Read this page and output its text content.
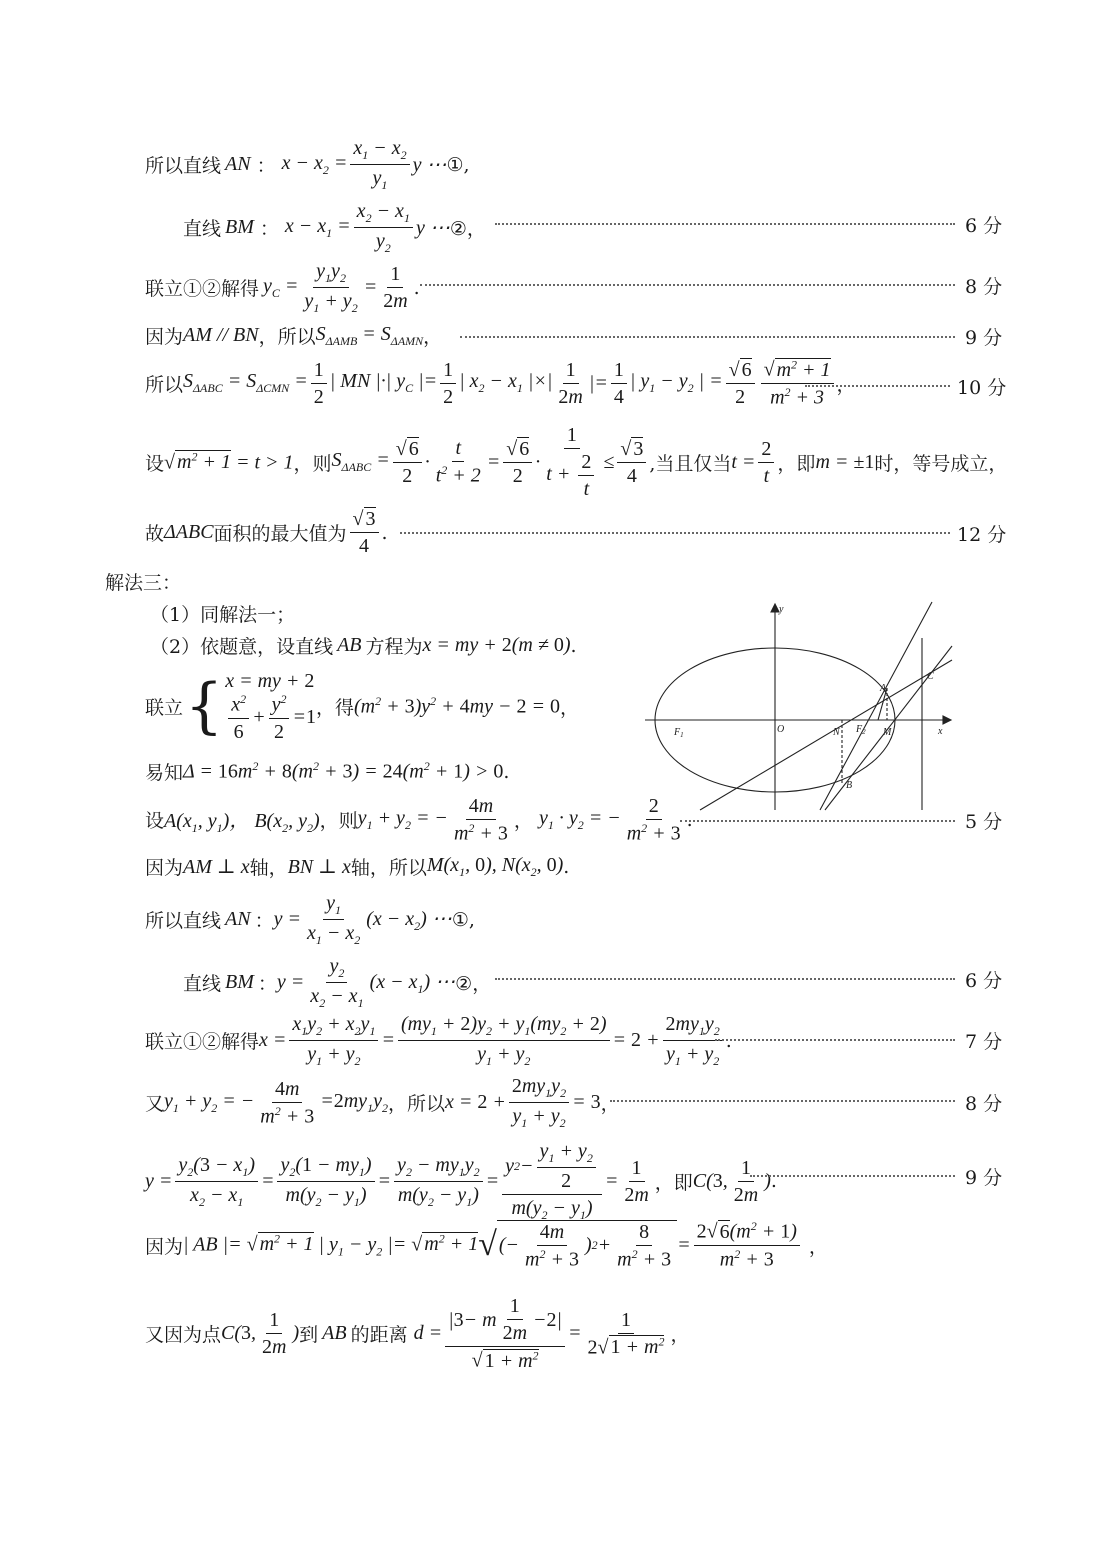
所以直线 AN ： $x - x_2 = \frac{x_1 - x_2}{y_1}$ y ⋯ ①,
直线 BM ： $x - x_1 = \frac{x_2 - x_1}{y_2}$ y ⋯ ②，	6 分
联立①②解得 $y_C = \frac{y_1y_2}{y_1 + y_2} = \frac{1}{2m}$ .	8 分
因为 AM // BN ，所以 $S_{\Delta AMB} = S_{\Delta AMN}$ ，	9 分
所以 $S_{\Delta ABC} = S_{\Delta CMN} = \frac{1}{2}$ | MN |·| $y_C$ |= $\frac{1}{2}$ | $x_2 - x_1$ |×| $\frac{1}{2m}$ |= $\frac{1}{4}$ | $y_1 - y_2$ | = $\frac{√ 6}{2} \frac{√ m^2 + 1}{m^2 + 3}$ ，	10 分
设 √ $m^2 + 1 = t > 1$ ，则 $S_{\Delta ABC} = \frac{√ 6}{2} \cdot \frac{t}{t^2 + 2} = \frac{√ 6}{2} \cdot \frac{1}{t + \frac{2}{t}} \le \frac{√ 3}{4}$ ,当且仅当 $t = \frac{2}{t}$ ，即 m = ±1 时，等号成立，
故 ΔABC 面积的最大值为 $\frac{√ 3}{4}$ .	12 分
解法三：
（1）同解法一；
（2）依题意，设直线 AB 方程为 x = my + 2(m ≠ 0) .
联立 { x = my + 2
$\frac{x^2}{6} + \frac{y^2}{2} = 1$ ，得 $(m^2 + 3)y^2 + 4my - 2 = 0$ ，
易知 $\Delta = 16m^2 + 8(m^2 + 3) = 24(m^2 + 1) > 0$ .
设 $A(x_1$, $y_1$)， $B(x_2$, $y_2$) ，则 $y_1 + y_2$ = − $\frac{4m}{m^2 + 3}$ ， $y_1 \cdot y_2$ = − $\frac{2}{m^2 + 3}$ .	5 分
因为 AM ⊥ x 轴， BN ⊥ x 轴，所以 $M(x_1$, 0), $N(x_2$, 0) .
所以直线 AN ： $y = \frac{y_1}{x_1 - x_2} (x - x_2)$ ⋯ ①,
直线 BM ： $y = \frac{y_2}{x_2 - x_1} (x - x_1)$ ⋯ ②，	6 分
联立①②解得 $x = \frac{x_1y_2 + x_2y_1}{y_1 + y_2} = \frac{(my_1 + 2)y_2 + y_1(my_2 + 2)}{y_1 + y_2} = 2 + \frac{2my_1y_2}{y_1 + y_2}$ .	7 分
又 $y_1 + y_2$ = − $\frac{4m}{m^2 + 3} =2my_1y_2$ ，所以 $x = 2 + \frac{2my_1y_2}{y_1 + y_2} = 3$ ，	8 分
$y = \frac{y_2(3 - x_1)}{x_2 - x_1} = \frac{y_2(1 - my_1)}{m(y_2 - y_1)} = \frac{y_2 - my_1y_2}{m(y_2 - y_1)} = \frac{y 2 - \frac{y_1 + y_2}{2}}{m(y_2 - y_1)} = \frac{1}{2m}$ ，即 C(3, $\frac{1}{2m}$ ) .	9 分
因为 | AB |= √ $m^2 + 1$ | $y_1 - y_2$ |= √ $m^2 + 1$ √ (− $\frac{4m}{m^2 + 3}$ ) $2 + \frac{8}{m^2 + 3} = \frac{2√ 6(m^2 + 1)}{m^2 + 3}$ ，
又因为点 C(3, $\frac{1}{2m}$ ) 到 AB 的距离 $d = \frac{| 3 - m \frac{1}{2m} - 2 |}{√ 1 + m^2} = \frac{1}{2√ 1 + m^2}$ ，
y
x
O
$F_1$	$F_2$
A
B
C
M
N
